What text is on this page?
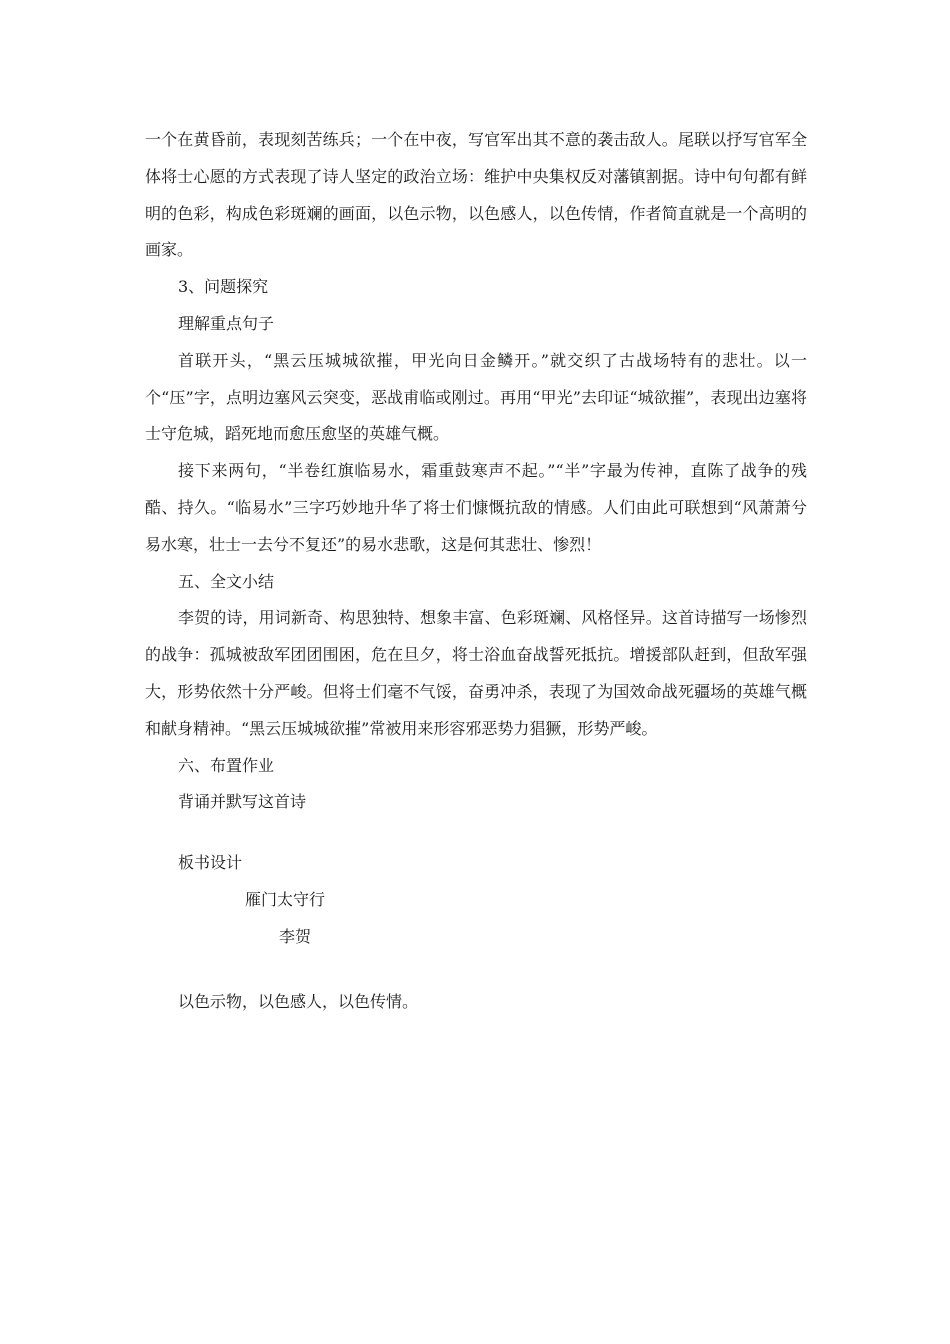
一个在黄昏前，表现刻苦练兵；一个在中夜，写官军出其不意的袭击敌人。尾联以抒写官军全体将士心愿的方式表现了诗人坚定的政治立场：维护中央集权反对藩镇割据。诗中句句都有鲜明的色彩，构成色彩斑斓的画面，以色示物，以色感人，以色传情，作者简直就是一个高明的画家。

3、问题探究

理解重点句子

首联开头，“黑云压城城欲摧，甲光向日金鳞开。”就交织了古战场特有的悲壮。以一个“压”字，点明边塞风云突变，恶战甫临或刚过。再用“甲光”去印证“城欲摧”，表现出边塞将士守危城，蹈死地而愈压愈坚的英雄气概。

接下来两句，“半卷红旗临易水，霜重鼓寒声不起。”“半”字最为传神，直陈了战争的残酷、持久。“临易水”三字巧妙地升华了将士们慷慨抗敌的情感。人们由此可联想到“风萧萧兮易水寒，壮士一去兮不复还”的易水悲歌，这是何其悲壮、惨烈！

五、全文小结

李贺的诗，用词新奇、构思独特、想象丰富、色彩斑斓、风格怪异。这首诗描写一场惨烈的战争：孤城被敌军团团围困，危在旦夕，将士浴血奋战誓死抵抗。增援部队赶到，但敌军强大，形势依然十分严峻。但将士们毫不气馁，奋勇冲杀，表现了为国效命战死疆场的英雄气概和献身精神。“黑云压城城欲摧”常被用来形容邪恶势力猖獗，形势严峻。

六、布置作业

背诵并默写这首诗

板书设计

雁门太守行

李贺

以色示物，以色感人，以色传情。
